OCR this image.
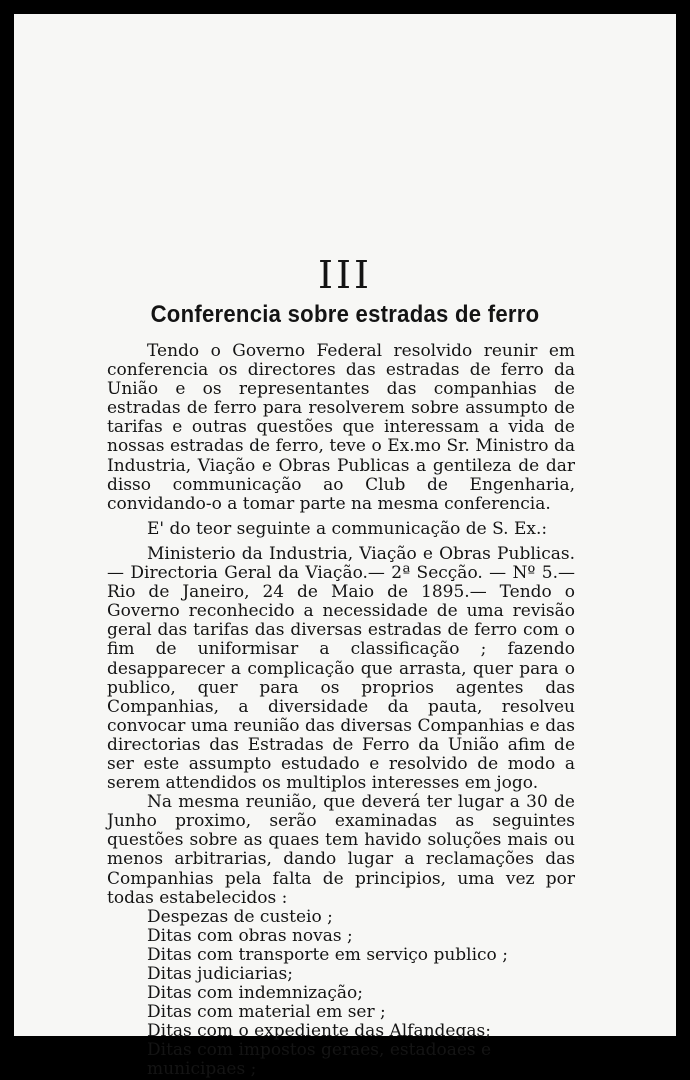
III
Conferencia sobre estradas de ferro

Tendo o Governo Federal resolvido reunir em conferencia os directores das estradas de ferro da União e os representantes das companhias de estradas de ferro para resolverem sobre assumpto de tarifas e outras questões que interessam a vida de nossas estradas de ferro, teve o Ex.mo Sr. Ministro da Industria, Viação e Obras Publicas a gentileza de dar disso communicação ao Club de Engenharia, convidando-o a tomar parte na mesma conferencia.

E' do teor seguinte a communicação de S. Ex.:

Ministerio da Industria, Viação e Obras Publicas.— Directoria Geral da Viação.— 2ª Secção. — Nº 5.— Rio de Janeiro, 24 de Maio de 1895.— Tendo o Governo reconhecido a necessidade de uma revisão geral das tarifas das diversas estradas de ferro com o fim de uniformisar a classificação ; fazendo desapparecer a complicação que arrasta, quer para o publico, quer para os proprios agentes das Companhias, a diversidade da pauta, resolveu convocar uma reunião das diversas Companhias e das directorias das Estradas de Ferro da União afim de ser este assumpto estudado e resolvido de modo a serem attendidos os multiplos interesses em jogo.

Na mesma reunião, que deverá ter lugar a 30 de Junho proximo, serão examinadas as seguintes questões sobre as quaes tem havido soluções mais ou menos arbitrarias, dando lugar a reclamações das Companhias pela falta de principios, uma vez por todas estabelecidos :

Despezas de custeio ;
Ditas com obras novas ;
Ditas com transporte em serviço publico ;
Ditas judiciarias;
Ditas com indemnização;
Ditas com material em ser ;
Ditas com o expediente das Alfandegas;
Ditas com impostos geraes, estadoaes e municipaes ;
